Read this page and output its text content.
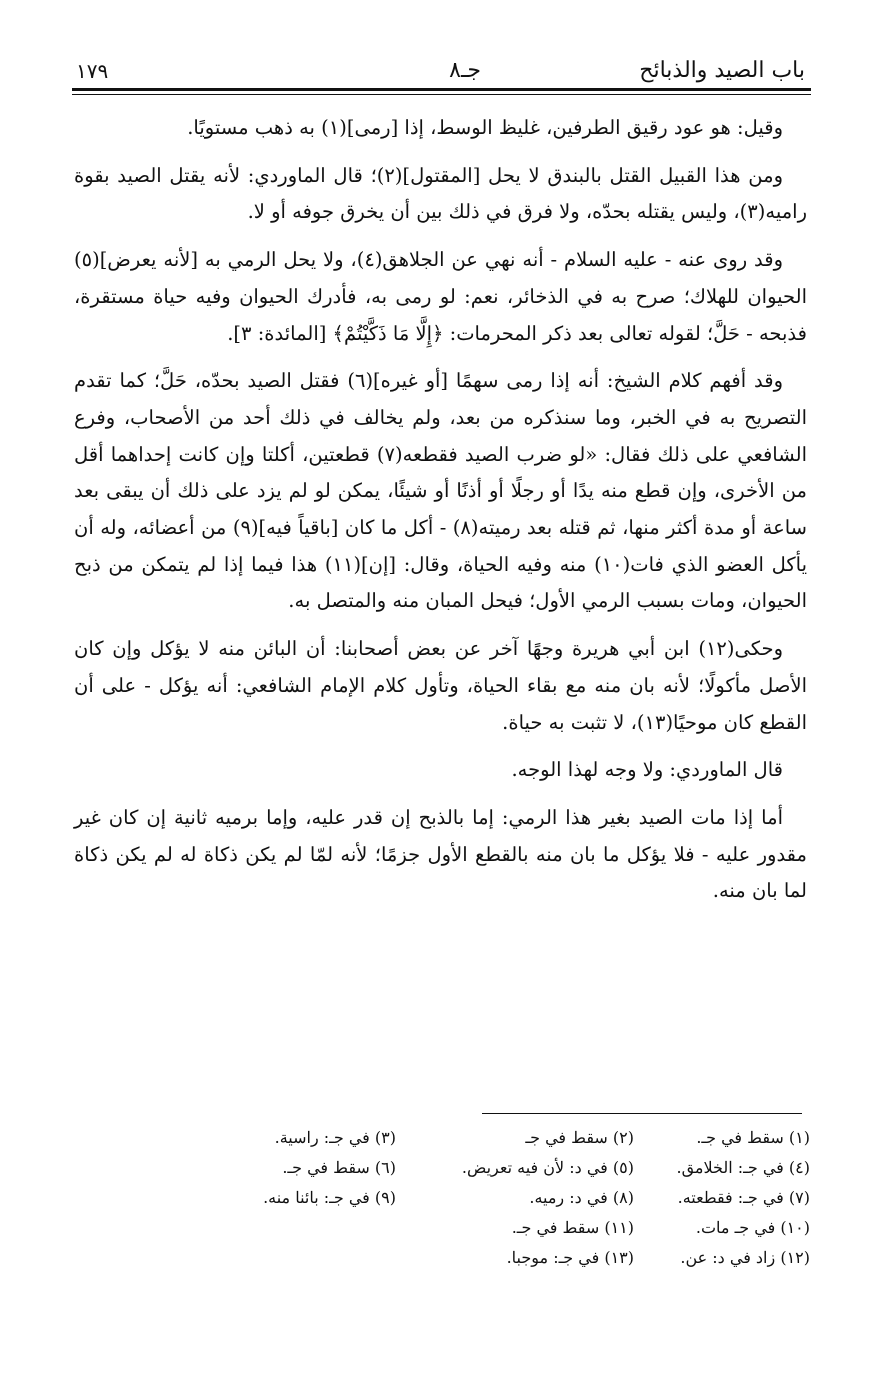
باب الصيد والذبائح
جـ٨
١٧٩

وقيل: هو عود رقيق الطرفين، غليظ الوسط، إذا [رمى](١) به ذهب مستويًا.

ومن هذا القبيل القتل بالبندق لا يحل [المقتول](٢)؛ قال الماوردي: لأنه يقتل الصيد بقوة راميه(٣)، وليس يقتله بحدّه، ولا فرق في ذلك بين أن يخرق جوفه أو لا.

وقد روى عنه - عليه السلام - أنه نهي عن الجلاهق(٤)، ولا يحل الرمي به [لأنه يعرض](٥) الحيوان للهلاك؛ صرح به في الذخائر، نعم: لو رمى به، فأدرك الحيوان وفيه حياة مستقرة، فذبحه - حَلَّ؛ لقوله تعالى بعد ذكر المحرمات: ﴿إِلَّا مَا ذَكَّيْتُمْ﴾ [المائدة: ٣].

وقد أفهم كلام الشيخ: أنه إذا رمى سهمًا [أو غيره](٦) فقتل الصيد بحدّه، حَلَّ؛ كما تقدم التصريح به في الخبر، وما سنذكره من بعد، ولم يخالف في ذلك أحد من الأصحاب، وفرع الشافعي على ذلك فقال: «لو ضرب الصيد فقطعه(٧) قطعتين، أكلتا وإن كانت إحداهما أقل من الأخرى، وإن قطع منه يدًا أو رجلًا أو أذنًا أو شيئًا، يمكن لو لم يزد على ذلك أن يبقى بعد ساعة أو مدة أكثر منها، ثم قتله بعد رميته(٨) - أكل ما كان [باقياً فيه](٩) من أعضائه، وله أن يأكل العضو الذي فات(١٠) منه وفيه الحياة، وقال: [إن](١١) هذا فيما إذا لم يتمكن من ذبح الحيوان، ومات بسبب الرمي الأول؛ فيحل المبان منه والمتصل به.

وحكى(١٢) ابن أبي هريرة وجهًا آخر عن بعض أصحابنا: أن البائن منه لا يؤكل وإن كان الأصل مأكولًا؛ لأنه بان منه مع بقاء الحياة، وتأول كلام الإمام الشافعي: أنه يؤكل - على أن القطع كان موحيًا(١٣)، لا تثبت به حياة.

قال الماوردي: ولا وجه لهذا الوجه.

أما إذا مات الصيد بغير هذا الرمي: إما بالذبح إن قدر عليه، وإما برميه ثانية إن كان غير مقدور عليه - فلا يؤكل ما بان منه بالقطع الأول جزمًا؛ لأنه لمّا لم يكن ذكاة له لم يكن ذكاة لما بان منه.

(١) سقط في جـ.	(٢) سقط في جـ	(٣) في جـ: راسية.
(٤) في جـ: الخلامق.	(٥) في د: لأن فيه تعريض.	(٦) سقط في جـ.
(٧) في جـ: فقطعته.	(٨) في د: رميه.	(٩) في جـ: بائنا منه.
(١٠) في جـ مات.	(١١) سقط في جـ.	
(١٢) زاد في د: عن.	(١٣) في جـ: موجبا.	
